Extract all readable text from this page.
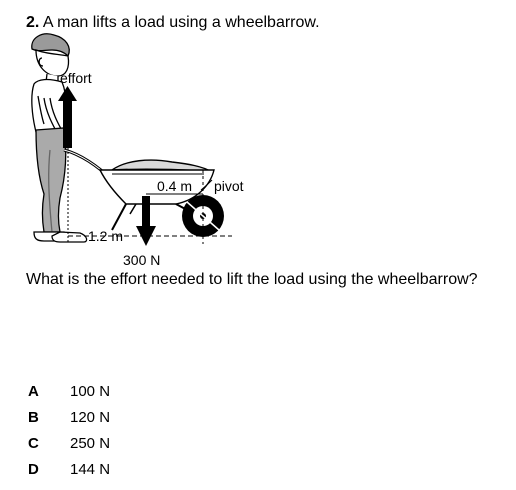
2. A man lifts a load using a wheelbarrow.
effort
0.4 m pivot
1.2 m
300 N
What is the effort needed to lift the load using the wheelbarrow?
A	100 N
B	120 N
C	250 N
D	144 N
